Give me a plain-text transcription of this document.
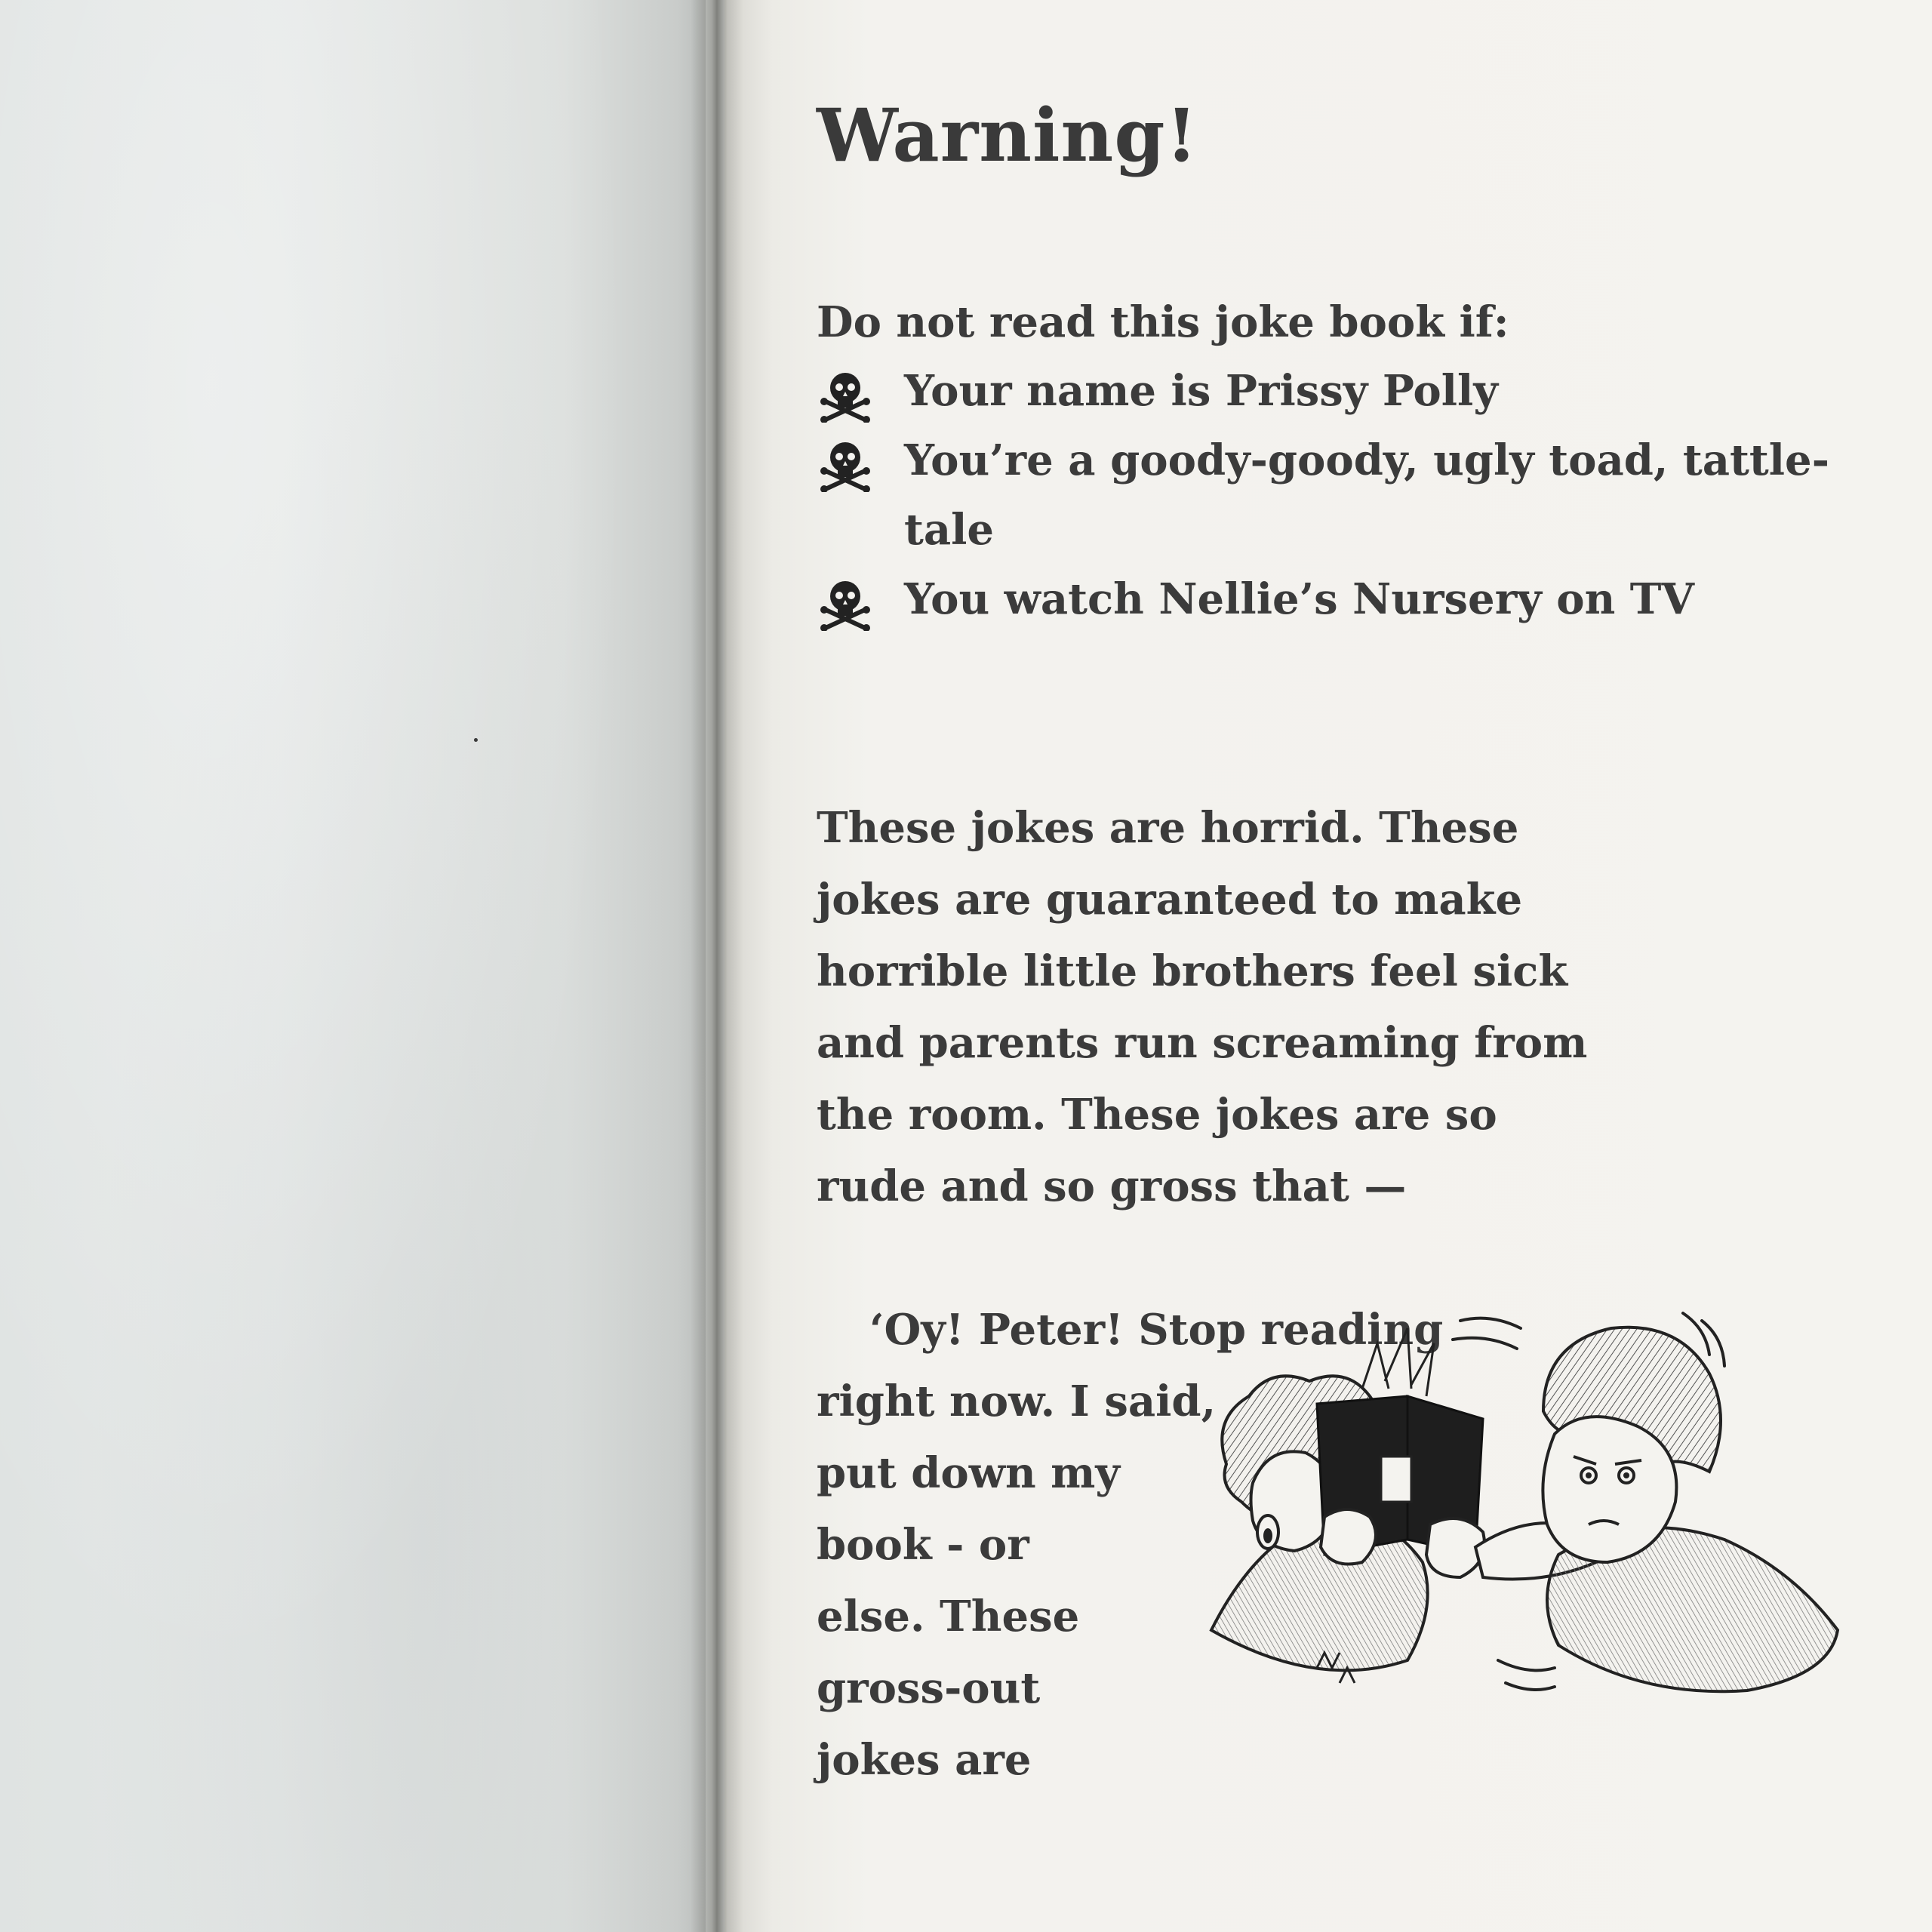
Warning!

Do not read this joke book if:

Your name is Prissy Polly
You’re a goody-goody, ugly toad, tattle-tale
You watch Nellie’s Nursery on TV

These jokes are horrid. These
jokes are guaranteed to make
horrible little brothers feel sick
and parents run screaming from
the room. These jokes are so
rude and so gross that —

‘Oy! Peter! Stop reading
right now. I said,
put down my
book - or
else. These
gross-out
jokes are
